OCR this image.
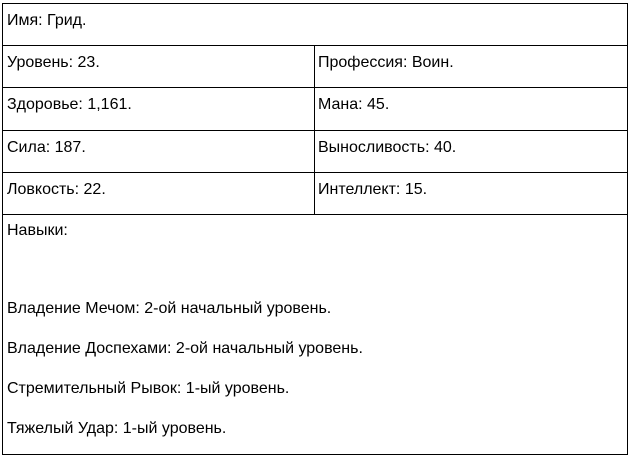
Имя: Грид.
Уровень: 23.	Профессия: Воин.
Здоровье: 1,161.	Мана: 45.
Сила: 187.	Выносливость: 40.
Ловкость: 22.	Интеллект: 15.
Навыки:
Владение Мечом: 2-ой начальный уровень.
Владение Доспехами: 2-ой начальный уровень.
Стремительный Рывок: 1-ый уровень.
Тяжелый Удар: 1-ый уровень.
